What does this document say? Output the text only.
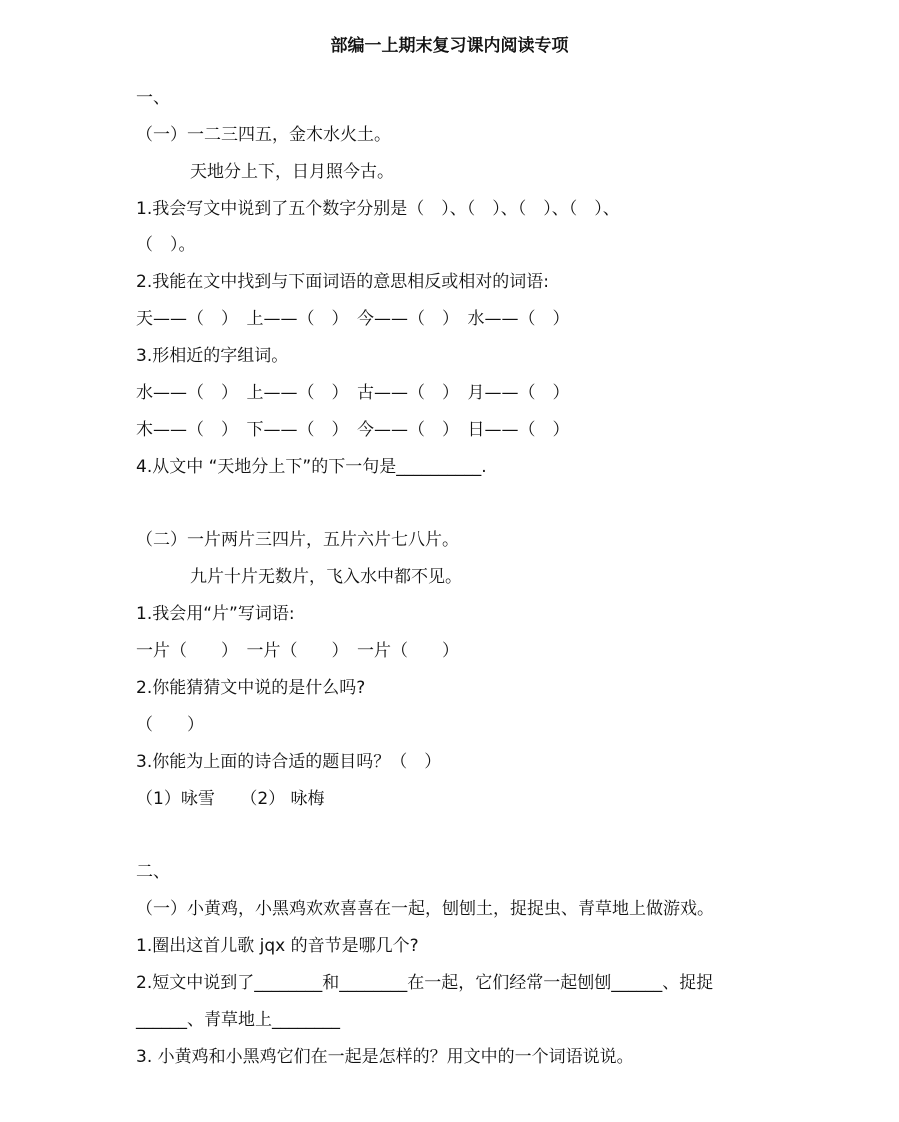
部编一上期末复习课内阅读专项
一、
（一）一二三四五，金木水火土。
天地分上下，日月照今古。
1.我会写文中说到了五个数字分别是（　）、（　）、（　）、（　）、
（　）。
2.我能在文中找到与下面词语的意思相反或相对的词语:
天——（　）　上——（　）　今——（　）　水——（　）
3.形相近的字组词。
水——（　）　上——（　）　古——（　）　月——（　）
木——（　）　下——（　）　今——（　）　日——（　）
4.从文中 “天地分上下”的下一句是__________.
（二）一片两片三四片，五片六片七八片。
九片十片无数片，飞入水中都不见。
1.我会用“片”写词语:
一片（　　）　一片（　　）　一片（　　）
2.你能猜猜文中说的是什么吗?
（　　）
3.你能为上面的诗合适的题目吗？（　）
（1）咏雪　　（2） 咏梅
二、
（一）小黄鸡，小黑鸡欢欢喜喜在一起，刨刨土，捉捉虫、青草地上做游戏。
1.圈出这首儿歌 jqx 的音节是哪几个?
2.短文中说到了________和________在一起，它们经常一起刨刨______、捉捉
______、青草地上________
3. 小黄鸡和小黑鸡它们在一起是怎样的？用文中的一个词语说说。
